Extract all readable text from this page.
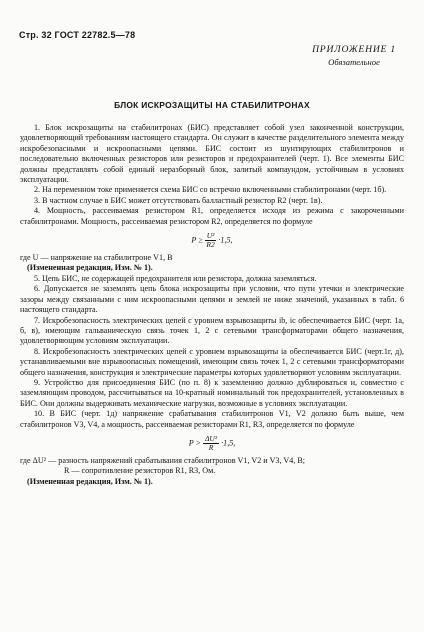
Стр. 32 ГОСТ 22782.5—78
ПРИЛОЖЕНИЕ 1
Обязательное
БЛОК ИСКРОЗАЩИТЫ НА СТАБИЛИТРОНАХ

1. Блок искрозащиты на стабилитронах (БИС) представляет собой узел законченной конструкции, удовлетворяющий требованиям настоящего стандарта. Он служит в качестве разделительного элемента между искробезопасными и искроопасными цепями. БИС состоит из шунтирующих стабилитронов и последовательно включенных резисторов или резисторов и предохранителей (черт. 1). Все элементы БИС должны представлять собой единый неразборный блок, залитый компаундом, устойчивым в условиях эксплуатации.

2. На переменном токе применяется схема БИС со встречно включенными стабилитронами (черт. 1б).

3. В частном случае в БИС может отсутствовать балластный резистор R2 (черт. 1в).

4. Мощность, рассеиваемая резистором R1, определяется исходя из режима с закороченными стабилитронами. Мощность, рассеиваемая резистором R2, определяется по формуле

$P \ge \frac{\text{U²}}{R2} \cdot 1,5$,

где U — напряжение на стабилитроне V1, В

(Измененная редакция, Изм. № 1).

5. Цепь БИС, не содержащей предохранителя или резистора, должна заземляться.

6. Допускается не заземлять цепь блока искрозащиты при условии, что пути утечки и электрические зазоры между связанными с ним искроопасными цепями и землей не ниже значений, указанных в табл. 6 настоящего стандарта.

7. Искробезопасность электрических цепей с уровнем взрывозащиты ib, ic обеспечивается БИС (черт. 1а, б, в), имеющим гальваническую связь точек 1, 2 с сетевыми трансформаторами общего назначения, удовлетворяющим условиям эксплуатации.

8. Искробезопасность электрических цепей с уровнем взрывозащиты ia обеспечивается БИС (черт.1г, д), устанавливаемыми вне взрывоопасных помещений, имеющим связь точек 1, 2 с сетевыми трансформаторами общего назначения, конструкция и электрические параметры которых удовлетворяют условиям эксплуатации.

9. Устройство для присоединения БИС (по п. 8) к заземлению должно дублироваться и, совместно с заземляющим проводом, рассчитываться на 10-кратный номинальный ток предохранителей, установленных в БИС. Они должны выдерживать механические нагрузки, возможные в условиях эксплуатации.

10. В БИС (черт. 1д) напряжение срабатывания стабилитронов V1, V2 должно быть выше, чем стабилитронов V3, V4, а мощность, рассеиваемая резисторами R1, R3, определяется по формуле

$P > \frac{\text{ΔU²}}{R} \cdot 1,5$,

где ΔU² — разность напряжений срабатывания стабилитронов V1, V2 и V3, V4, В;

R — сопротивление резисторов R1, R3, Ом.

(Измененная редакция, Изм. № 1).
